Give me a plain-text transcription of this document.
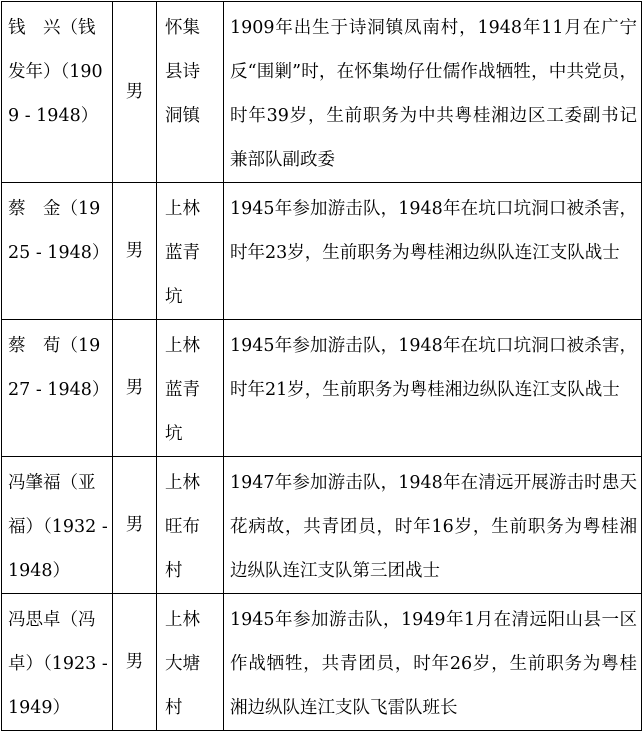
钱　兴（钱发年）（1909 - 1948）	男	怀集县诗洞镇	1909年出生于诗洞镇凤南村，1948年11月在广宁反“围剿”时，在怀集坳仔仕儒作战牺牲，中共党员，时年39岁，生前职务为中共粤桂湘边区工委副书记兼部队副政委
蔡　金（1925 - 1948）	男	上林蓝青坑	1945年参加游击队，1948年在坑口坑洞口被杀害，时年23岁，生前职务为粤桂湘边纵队连江支队战士
蔡　荀（1927 - 1948）	男	上林蓝青坑	1945年参加游击队，1948年在坑口坑洞口被杀害，时年21岁，生前职务为粤桂湘边纵队连江支队战士
冯肇福（亚福）（1932 - 1948）	男	上林旺布村	1947年参加游击队，1948年在清远开展游击时患天花病故，共青团员，时年16岁，生前职务为粤桂湘边纵队连江支队第三团战士
冯思卓（冯卓）（1923 - 1949）	男	上林大塘村	1945年参加游击队，1949年1月在清远阳山县一区作战牺牲，共青团员，时年26岁，生前职务为粤桂湘边纵队连江支队飞雷队班长
